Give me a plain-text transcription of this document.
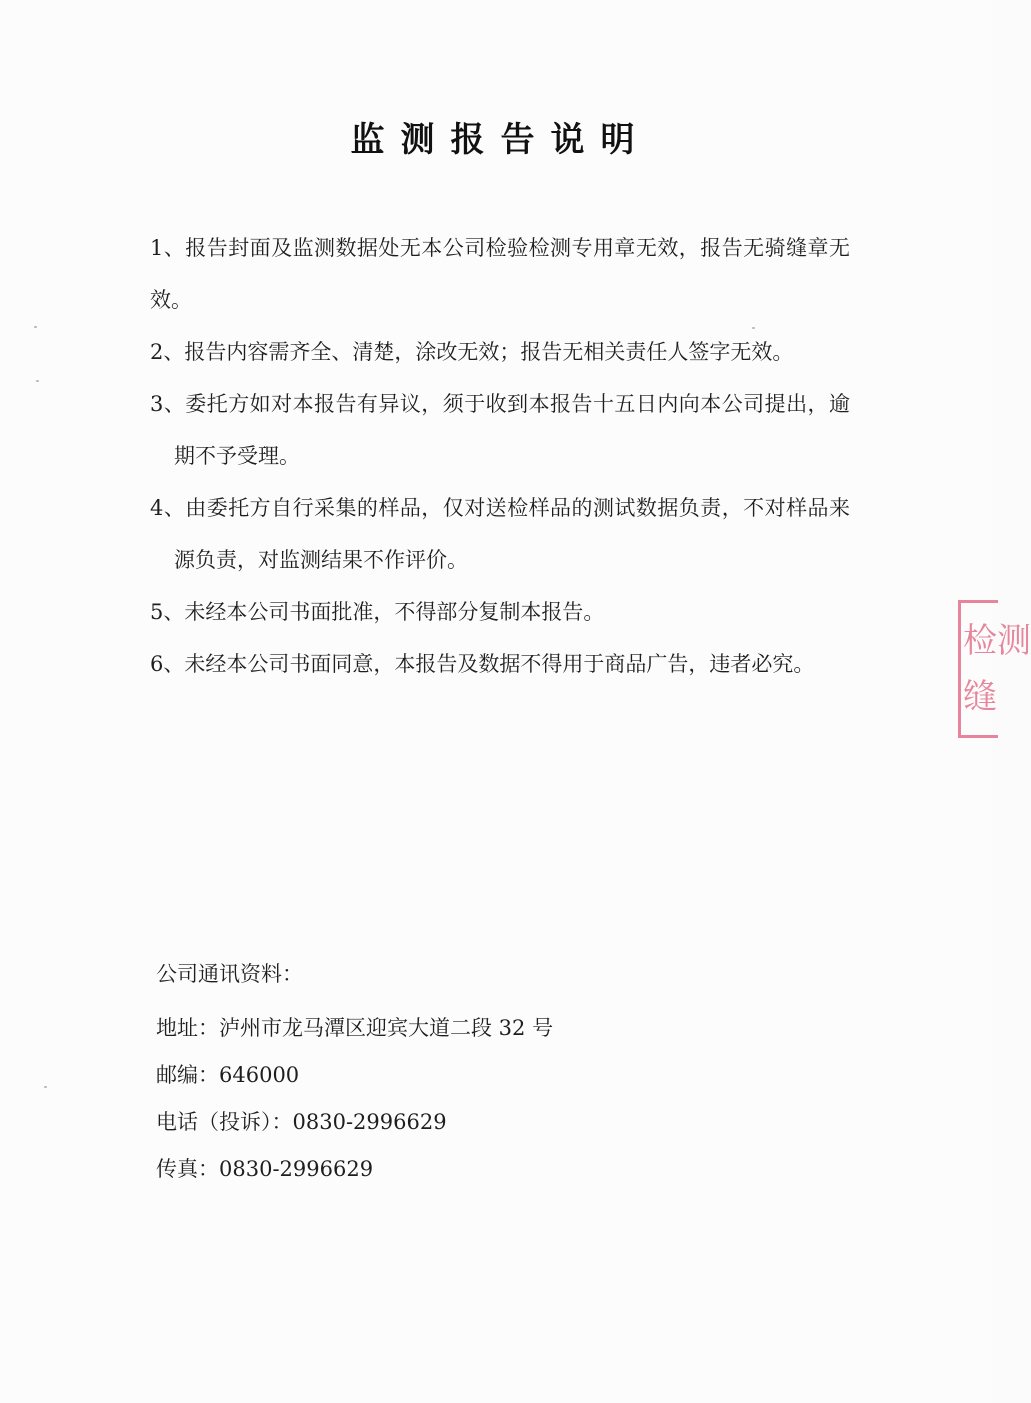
监测报告说明

1、报告封面及监测数据处无本公司检验检测专用章无效，报告无骑缝章无效。

2、报告内容需齐全、清楚，涂改无效；报告无相关责任人签字无效。

3、委托方如对本报告有异议，须于收到本报告十五日内向本公司提出，逾期不予受理。

4、由委托方自行采集的样品，仅对送检样品的测试数据负责，不对样品来源负责，对监测结果不作评价。

5、未经本公司书面批准，不得部分复制本报告。

6、未经本公司书面同意，本报告及数据不得用于商品广告，违者必究。

公司通讯资料：
地址：泸州市龙马潭区迎宾大道二段 32 号
邮编：646000
电话（投诉）：0830-2996629
传真：0830-2996629
检测
缝
